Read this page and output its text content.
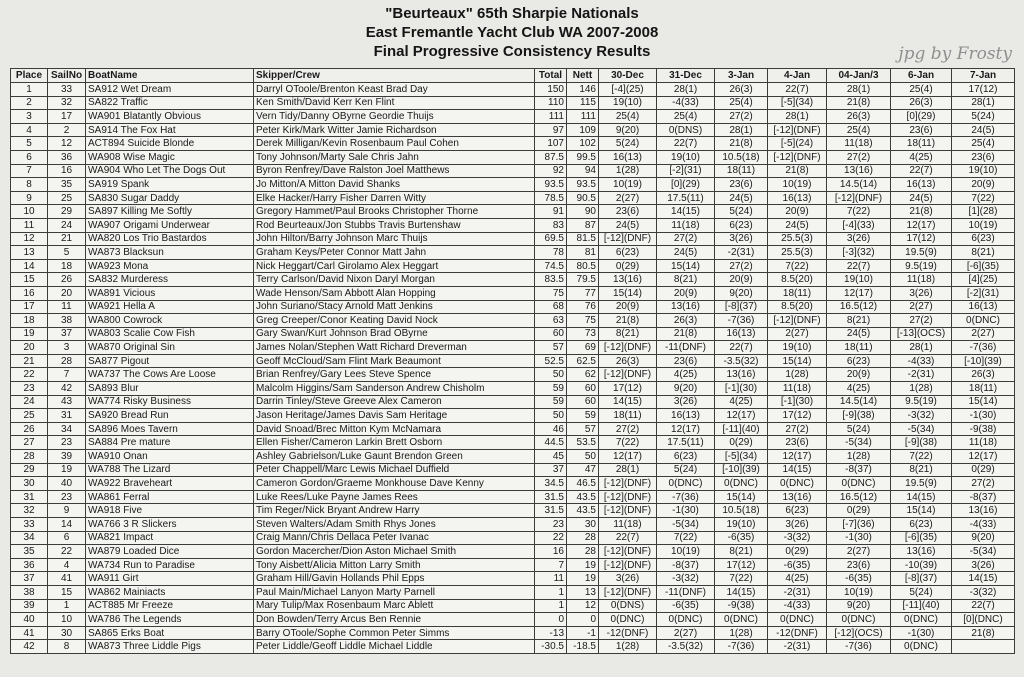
"Beurteaux" 65th Sharpie Nationals
East Fremantle Yacht Club WA 2007-2008
Final Progressive Consistency Results	jpg by Frosty
Place	SailNo	BoatName	Skipper/Crew	Total	Nett	30-Dec	31-Dec	3-Jan	4-Jan	04-Jan/3	6-Jan	7-Jan
1	33	SA912 Wet Dream	Darryl OToole/Brenton Keast Brad Day	150	146	[-4](25)	28(1)	26(3)	22(7)	28(1)	25(4)	17(12)
2	32	SA822 Traffic	Ken Smith/David Kerr Ken Flint	110	115	19(10)	-4(33)	25(4)	[-5](34)	21(8)	26(3)	28(1)
3	17	WA901 Blatantly Obvious	Vern Tidy/Danny OByrne Geordie Thuijs	111	111	25(4)	25(4)	27(2)	28(1)	26(3)	[0](29)	5(24)
4	2	SA914 The Fox Hat	Peter Kirk/Mark Witter Jamie Richardson	97	109	9(20)	0(DNS)	28(1)	[-12](DNF)	25(4)	23(6)	24(5)
5	12	ACT894 Suicide Blonde	Derek Milligan/Kevin Rosenbaum Paul Cohen	107	102	5(24)	22(7)	21(8)	[-5](24)	11(18)	18(11)	25(4)
6	36	WA908 Wise Magic	Tony Johnson/Marty Sale Chris Jahn	87.5	99.5	16(13)	19(10)	10.5(18)	[-12](DNF)	27(2)	4(25)	23(6)
7	16	WA904 Who Let The Dogs Out	Byron Renfrey/Dave Ralston Joel Matthews	92	94	1(28)	[-2](31)	18(11)	21(8)	13(16)	22(7)	19(10)
8	35	SA919 Spank	Jo Mitton/A Mitton David Shanks	93.5	93.5	10(19)	[0](29)	23(6)	10(19)	14.5(14)	16(13)	20(9)
9	25	SA830 Sugar Daddy	Elke Hacker/Harry Fisher Darren Witty	78.5	90.5	2(27)	17.5(11)	24(5)	16(13)	[-12](DNF)	24(5)	7(22)
10	29	SA897 Killing Me Softly	Gregory Hammet/Paul Brooks Christopher Thorne	91	90	23(6)	14(15)	5(24)	20(9)	7(22)	21(8)	[1](28)
11	24	WA907 Origami Underwear	Rod Beurteaux/Jon Stubbs Travis Burtenshaw	83	87	24(5)	11(18)	6(23)	24(5)	[-4](33)	12(17)	10(19)
12	21	WA820 Los Trio Bastardos	John Hilton/Barry Johnson Marc Thuijs	69.5	81.5	[-12](DNF)	27(2)	3(26)	25.5(3)	3(26)	17(12)	6(23)
13	5	WA873 Blacksun	Graham Keys/Peter Connor Matt Jahn	78	81	6(23)	24(5)	-2(31)	25.5(3)	[-3](32)	19.5(9)	8(21)
14	18	WA923 Mona	Nick Heggart/Carl Girolamo Alex Heggart	74.5	80.5	0(29)	15(14)	27(2)	7(22)	22(7)	9.5(19)	[-6](35)
15	26	SA832 Murderess	Terry Carlson/David Nixon Daryl Morgan	83.5	79.5	13(16)	8(21)	20(9)	8.5(20)	19(10)	11(18)	[4](25)
16	20	WA891 Vicious	Wade Henson/Sam Abbott Alan Hopping	75	77	15(14)	20(9)	9(20)	18(11)	12(17)	3(26)	[-2](31)
17	11	WA921 Hella A	John Suriano/Stacy Arnold Matt Jenkins	68	76	20(9)	13(16)	[-8](37)	8.5(20)	16.5(12)	2(27)	16(13)
18	38	WA800 Cowrock	Greg Creeper/Conor Keating David Nock	63	75	21(8)	26(3)	-7(36)	[-12](DNF)	8(21)	27(2)	0(DNC)
19	37	WA803 Scalie Cow Fish	Gary Swan/Kurt Johnson Brad OByrne	60	73	8(21)	21(8)	16(13)	2(27)	24(5)	[-13](OCS)	2(27)
20	3	WA870 Original Sin	James Nolan/Stephen Watt Richard Dreverman	57	69	[-12](DNF)	-11(DNF)	22(7)	19(10)	18(11)	28(1)	-7(36)
21	28	SA877 Pigout	Geoff McCloud/Sam Flint Mark Beaumont	52.5	62.5	26(3)	23(6)	-3.5(32)	15(14)	6(23)	-4(33)	[-10](39)
22	7	WA737 The Cows Are Loose	Brian Renfrey/Gary Lees Steve Spence	50	62	[-12](DNF)	4(25)	13(16)	1(28)	20(9)	-2(31)	26(3)
23	42	SA893 Blur	Malcolm Higgins/Sam Sanderson Andrew Chisholm	59	60	17(12)	9(20)	[-1](30)	11(18)	4(25)	1(28)	18(11)
24	43	WA774 Risky Business	Darrin Tinley/Steve Greeve Alex Cameron	59	60	14(15)	3(26)	4(25)	[-1](30)	14.5(14)	9.5(19)	15(14)
25	31	SA920 Bread Run	Jason Heritage/James Davis Sam Heritage	50	59	18(11)	16(13)	12(17)	17(12)	[-9](38)	-3(32)	-1(30)
26	34	SA896 Moes Tavern	David Snoad/Brec Mitton Kym McNamara	46	57	27(2)	12(17)	[-11](40)	27(2)	5(24)	-5(34)	-9(38)
27	23	SA884 Pre mature	Ellen Fisher/Cameron Larkin Brett Osborn	44.5	53.5	7(22)	17.5(11)	0(29)	23(6)	-5(34)	[-9](38)	11(18)
28	39	WA910 Onan	Ashley Gabrielson/Luke Gaunt Brendon Green	45	50	12(17)	6(23)	[-5](34)	12(17)	1(28)	7(22)	12(17)
29	19	WA788 The Lizard	Peter Chappell/Marc Lewis Michael Duffield	37	47	28(1)	5(24)	[-10](39)	14(15)	-8(37)	8(21)	0(29)
30	40	WA922 Braveheart	Cameron Gordon/Graeme Monkhouse Dave Kenny	34.5	46.5	[-12](DNF)	0(DNC)	0(DNC)	0(DNC)	0(DNC)	19.5(9)	27(2)
31	23	WA861 Ferral	Luke Rees/Luke Payne James Rees	31.5	43.5	[-12](DNF)	-7(36)	15(14)	13(16)	16.5(12)	14(15)	-8(37)
32	9	WA918 Five	Tim Reger/Nick Bryant Andrew Harry	31.5	43.5	[-12](DNF)	-1(30)	10.5(18)	6(23)	0(29)	15(14)	13(16)
33	14	WA766 3 R Slickers	Steven Walters/Adam Smith Rhys Jones	23	30	11(18)	-5(34)	19(10)	3(26)	[-7](36)	6(23)	-4(33)
34	6	WA821 Impact	Craig Mann/Chris Dellaca Peter Ivanac	22	28	22(7)	7(22)	-6(35)	-3(32)	-1(30)	[-6](35)	9(20)
35	22	WA879 Loaded Dice	Gordon Macercher/Dion Aston Michael Smith	16	28	[-12](DNF)	10(19)	8(21)	0(29)	2(27)	13(16)	-5(34)
36	4	WA734 Run to Paradise	Tony Aisbett/Alicia Mitton Larry Smith	7	19	[-12](DNF)	-8(37)	17(12)	-6(35)	23(6)	-10(39)	3(26)
37	41	WA911 Girt	Graham Hill/Gavin Hollands Phil Epps	11	19	3(26)	-3(32)	7(22)	4(25)	-6(35)	[-8](37)	14(15)
38	15	WA862 Mainiacts	Paul Main/Michael Lanyon Marty Parnell	1	13	[-12](DNF)	-11(DNF)	14(15)	-2(31)	10(19)	5(24)	-3(32)
39	1	ACT885 Mr Freeze	Mary Tulip/Max Rosenbaum Marc Ablett	1	12	0(DNS)	-6(35)	-9(38)	-4(33)	9(20)	[-11](40)	22(7)
40	10	WA786 The Legends	Don Bowden/Terry Arcus Ben Rennie	0	0	0(DNC)	0(DNC)	0(DNC)	0(DNC)	0(DNC)	0(DNC)	[0](DNC)
41	30	SA865 Erks Boat	Barry OToole/Sophe Common Peter Simms	-13	-1	-12(DNF)	2(27)	1(28)	-12(DNF)	[-12](OCS)	-1(30)	21(8)
42	8	WA873 Three Liddle Pigs	Peter Liddle/Geoff Liddle Michael Liddle	-30.5	-18.5	1(28)	-3.5(32)	-7(36)	-2(31)	-7(36)	0(DNC)	
